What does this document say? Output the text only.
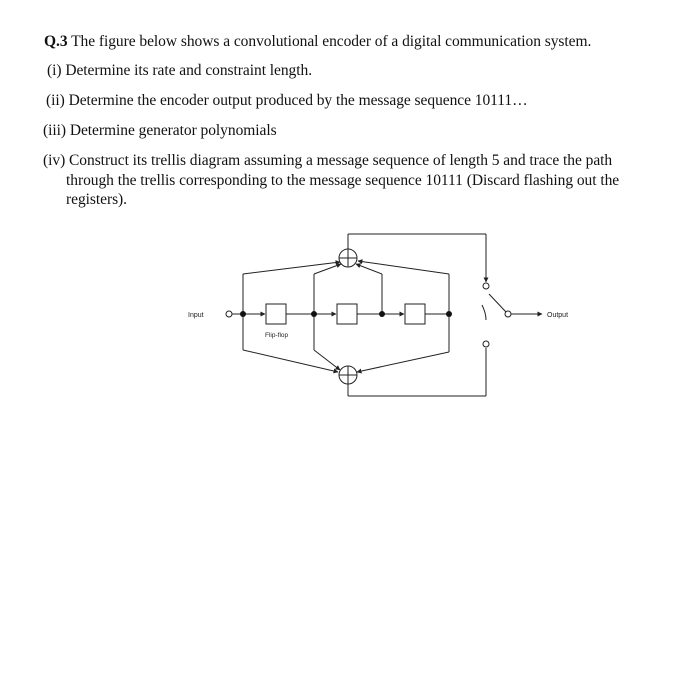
Q.3 The figure below shows a convolutional encoder of a digital communication system.
(i) Determine its rate and constraint length.
(ii) Determine the encoder output produced by the message sequence 10111…
(iii) Determine generator polynomials
(iv) Construct its trellis diagram assuming a message sequence of length 5 and trace the path
through the trellis corresponding to the message sequence 10111 (Discard flashing out the
registers).
Input	Output
Flip-flop
